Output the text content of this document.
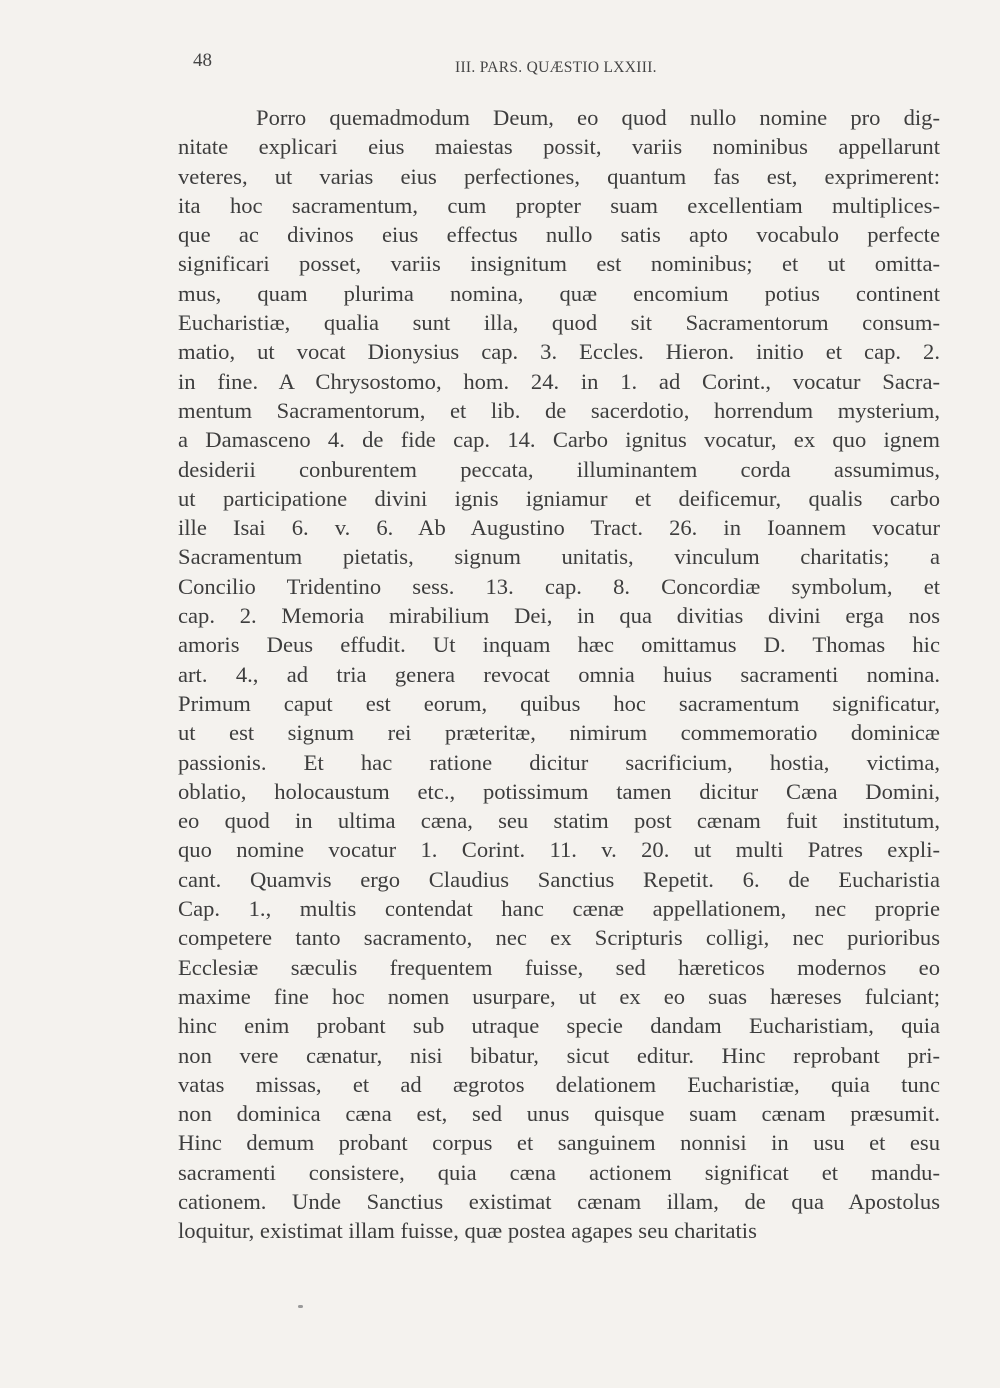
48	III. PARS. QUÆSTIO LXXIII.
Porro quemadmodum Deum, eo quod nullo nomine pro dig-
nitate explicari eius maiestas possit, variis nominibus appellarunt
veteres, ut varias eius perfectiones, quantum fas est, exprimerent:
ita hoc sacramentum, cum propter suam excellentiam multiplices-
que ac divinos eius effectus nullo satis apto vocabulo perfecte
significari posset, variis insignitum est nominibus; et ut omitta-
mus, quam plurima nomina, quæ encomium potius continent
Eucharistiæ, qualia sunt illa, quod sit Sacramentorum consum-
matio, ut vocat Dionysius cap. 3. Eccles. Hieron. initio et cap. 2.
in fine. A Chrysostomo, hom. 24. in 1. ad Corint., vocatur Sacra-
mentum Sacramentorum, et lib. de sacerdotio, horrendum mysterium,
a Damasceno 4. de fide cap. 14. Carbo ignitus vocatur, ex quo ignem
desiderii conburentem peccata, illuminantem corda assumimus,
ut participatione divini ignis igniamur et deificemur, qualis carbo
ille Isai 6. v. 6. Ab Augustino Tract. 26. in Ioannem vocatur
Sacramentum pietatis, signum unitatis, vinculum charitatis; a
Concilio Tridentino sess. 13. cap. 8. Concordiæ symbolum, et
cap. 2. Memoria mirabilium Dei, in qua divitias divini erga nos
amoris Deus effudit. Ut inquam hæc omittamus D. Thomas hic
art. 4., ad tria genera revocat omnia huius sacramenti nomina.
Primum caput est eorum, quibus hoc sacramentum significatur,
ut est signum rei præteritæ, nimirum commemoratio dominicæ
passionis. Et hac ratione dicitur sacrificium, hostia, victima,
oblatio, holocaustum etc., potissimum tamen dicitur Cæna Domini,
eo quod in ultima cæna, seu statim post cænam fuit institutum,
quo nomine vocatur 1. Corint. 11. v. 20. ut multi Patres expli-
cant. Quamvis ergo Claudius Sanctius Repetit. 6. de Eucharistia
Cap. 1., multis contendat hanc cænæ appellationem, nec proprie
competere tanto sacramento, nec ex Scripturis colligi, nec purioribus
Ecclesiæ sæculis frequentem fuisse, sed hæreticos modernos eo
maxime fine hoc nomen usurpare, ut ex eo suas hæreses fulciant;
hinc enim probant sub utraque specie dandam Eucharistiam, quia
non vere cænatur, nisi bibatur, sicut editur. Hinc reprobant pri-
vatas missas, et ad ægrotos delationem Eucharistiæ, quia tunc
non dominica cæna est, sed unus quisque suam cænam præsumit.
Hinc demum probant corpus et sanguinem nonnisi in usu et esu
sacramenti consistere, quia cæna actionem significat et mandu-
cationem. Unde Sanctius existimat cænam illam, de qua Apostolus
loquitur, existimat illam fuisse, quæ postea agapes seu charitatis
